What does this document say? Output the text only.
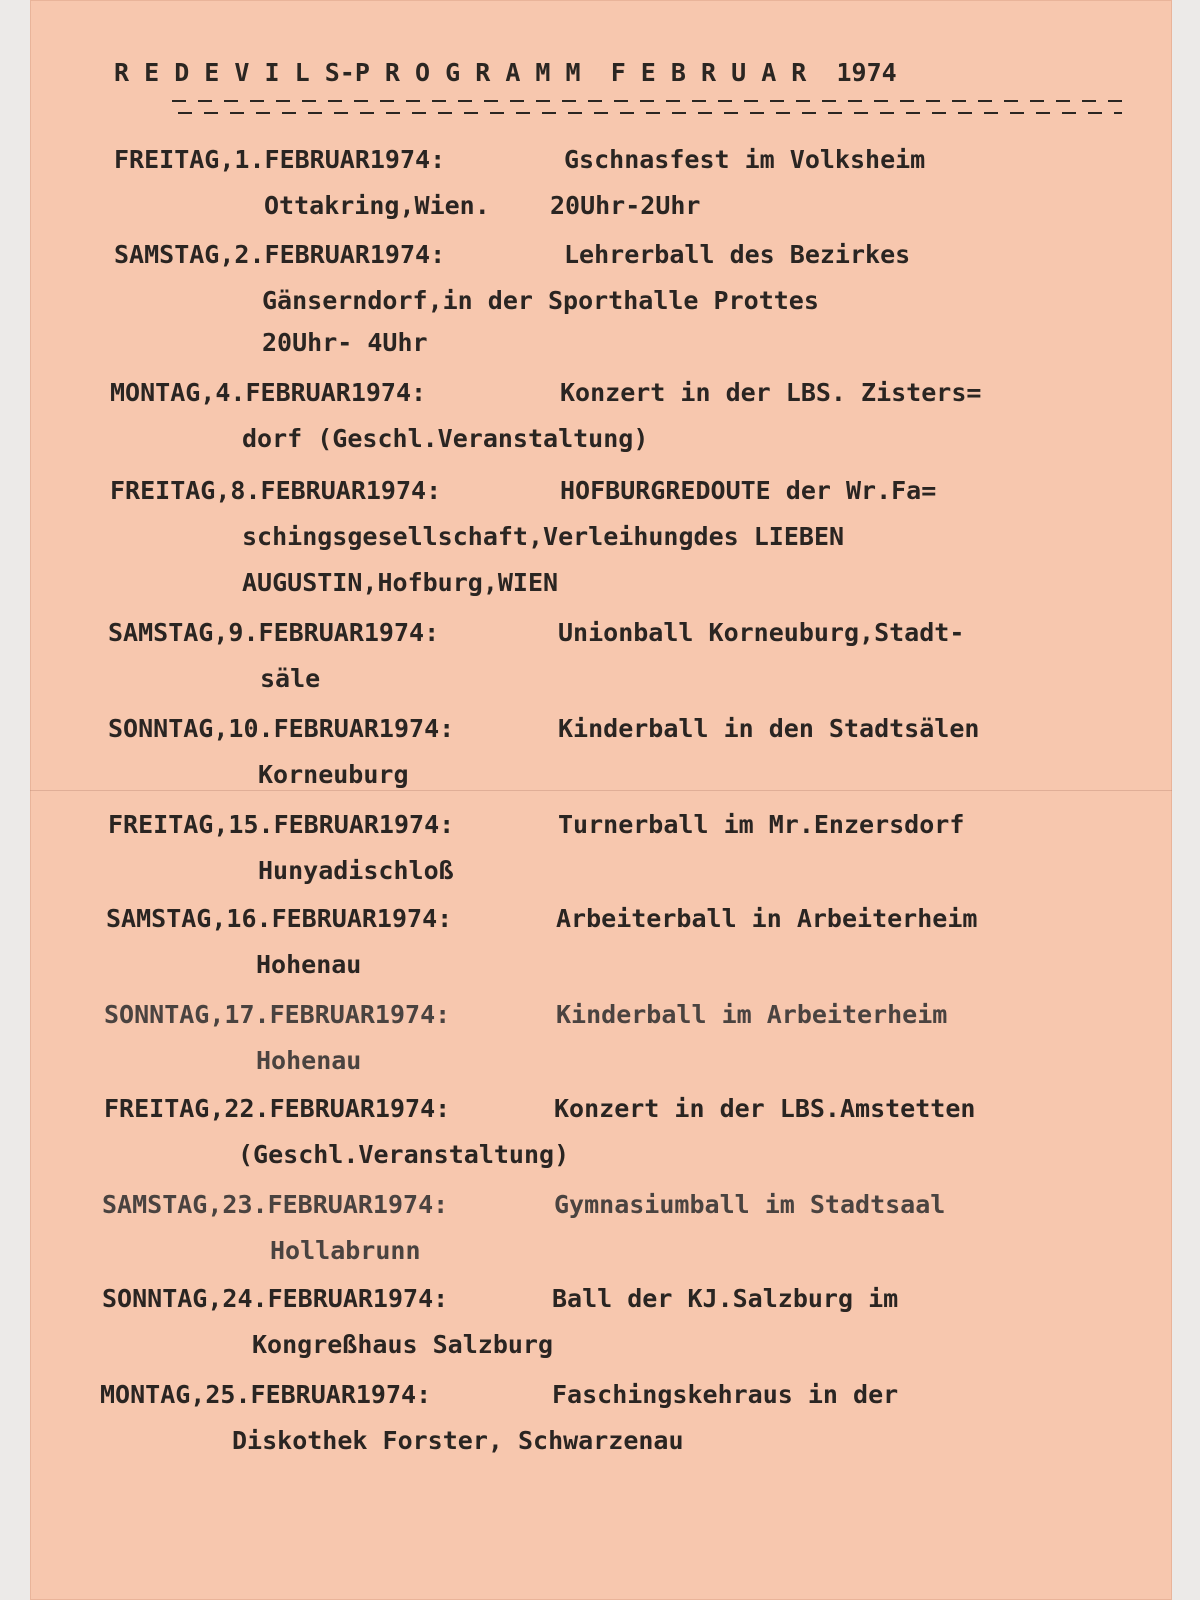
R E D E V I L S-P R O G R A M M  F E B R U A R  1974
FREITAG,1.FEBRUAR1974:	Gschnasfest im Volksheim
Ottakring,Wien.    20Uhr-2Uhr
SAMSTAG,2.FEBRUAR1974:	Lehrerball des Bezirkes
Gänserndorf,in der Sporthalle Prottes
20Uhr- 4Uhr
MONTAG,4.FEBRUAR1974:	Konzert in der LBS. Zisters=
dorf (Geschl.Veranstaltung)
FREITAG,8.FEBRUAR1974:	HOFBURGREDOUTE der Wr.Fa=
schingsgesellschaft,Verleihungdes LIEBEN
AUGUSTIN,Hofburg,WIEN
SAMSTAG,9.FEBRUAR1974:	Unionball Korneuburg,Stadt-
säle
SONNTAG,10.FEBRUAR1974:	Kinderball in den Stadtsälen
Korneuburg
FREITAG,15.FEBRUAR1974:	Turnerball im Mr.Enzersdorf
Hunyadischloß
SAMSTAG,16.FEBRUAR1974:	Arbeiterball in Arbeiterheim
Hohenau
SONNTAG,17.FEBRUAR1974:	Kinderball im Arbeiterheim
Hohenau
FREITAG,22.FEBRUAR1974:	Konzert in der LBS.Amstetten
(Geschl.Veranstaltung)
SAMSTAG,23.FEBRUAR1974:	Gymnasiumball im Stadtsaal
Hollabrunn
SONNTAG,24.FEBRUAR1974:	Ball der KJ.Salzburg im
Kongreßhaus Salzburg
MONTAG,25.FEBRUAR1974:	Faschingskehraus in der
Diskothek Forster, Schwarzenau
